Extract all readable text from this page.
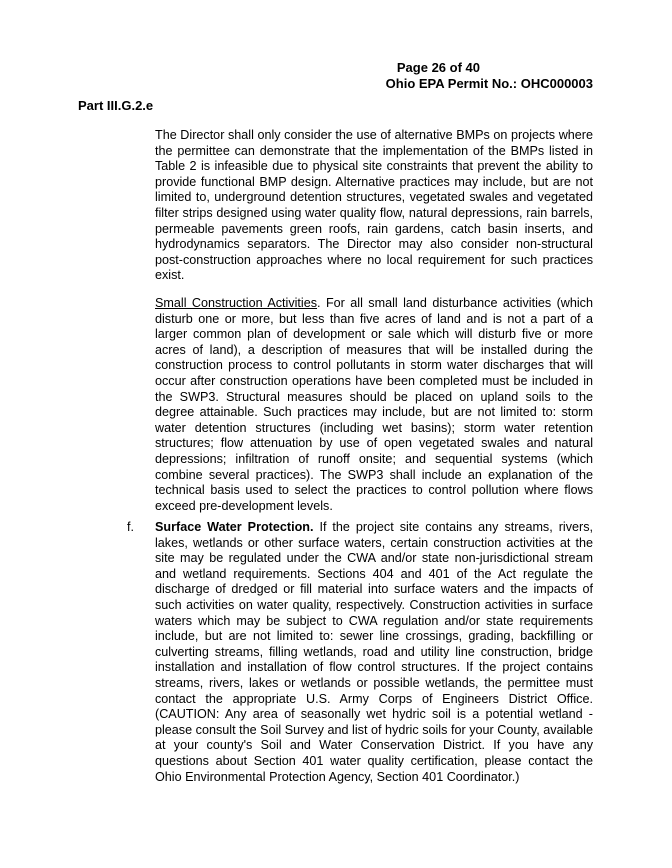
Page 26 of 40
Ohio EPA Permit No.: OHC000003
Part III.G.2.e
The Director shall only consider the use of alternative BMPs on projects where the permittee can demonstrate that the implementation of the BMPs listed in Table 2 is infeasible due to physical site constraints that prevent the ability to provide functional BMP design. Alternative practices may include, but are not limited to, underground detention structures, vegetated swales and vegetated filter strips designed using water quality flow, natural depressions, rain barrels, permeable pavements green roofs, rain gardens, catch basin inserts, and hydrodynamics separators. The Director may also consider non-structural post-construction approaches where no local requirement for such practices exist.
Small Construction Activities. For all small land disturbance activities (which disturb one or more, but less than five acres of land and is not a part of a larger common plan of development or sale which will disturb five or more acres of land), a description of measures that will be installed during the construction process to control pollutants in storm water discharges that will occur after construction operations have been completed must be included in the SWP3. Structural measures should be placed on upland soils to the degree attainable. Such practices may include, but are not limited to: storm water detention structures (including wet basins); storm water retention structures; flow attenuation by use of open vegetated swales and natural depressions; infiltration of runoff onsite; and sequential systems (which combine several practices). The SWP3 shall include an explanation of the technical basis used to select the practices to control pollution where flows exceed pre-development levels.
f. Surface Water Protection. If the project site contains any streams, rivers, lakes, wetlands or other surface waters, certain construction activities at the site may be regulated under the CWA and/or state non-jurisdictional stream and wetland requirements. Sections 404 and 401 of the Act regulate the discharge of dredged or fill material into surface waters and the impacts of such activities on water quality, respectively. Construction activities in surface waters which may be subject to CWA regulation and/or state requirements include, but are not limited to: sewer line crossings, grading, backfilling or culverting streams, filling wetlands, road and utility line construction, bridge installation and installation of flow control structures. If the project contains streams, rivers, lakes or wetlands or possible wetlands, the permittee must contact the appropriate U.S. Army Corps of Engineers District Office. (CAUTION: Any area of seasonally wet hydric soil is a potential wetland - please consult the Soil Survey and list of hydric soils for your County, available at your county's Soil and Water Conservation District. If you have any questions about Section 401 water quality certification, please contact the Ohio Environmental Protection Agency, Section 401 Coordinator.)
